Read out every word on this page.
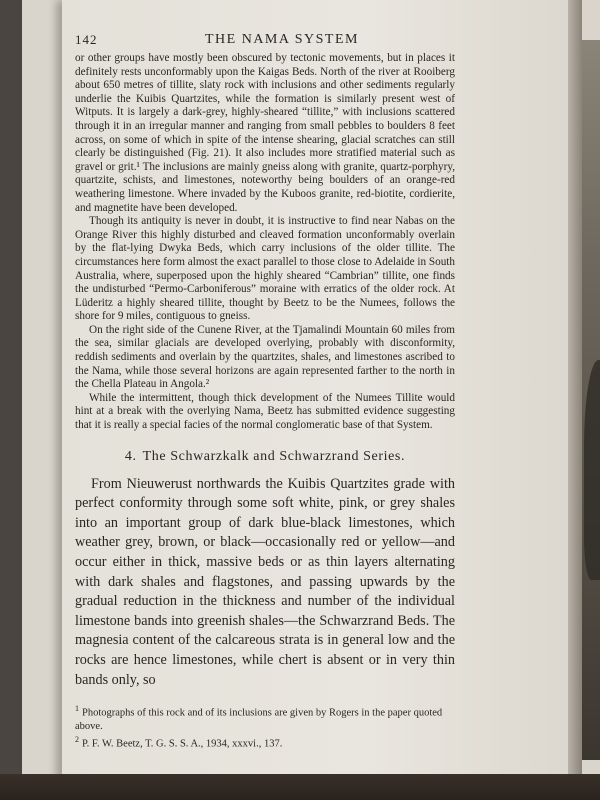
142	THE NAMA SYSTEM

or other groups have mostly been obscured by tectonic movements, but in places it definitely rests unconformably upon the Kaigas Beds. North of the river at Rooiberg about 650 metres of tillite, slaty rock with inclusions and other sediments regularly underlie the Kuibis Quartzites, while the formation is similarly present west of Witputs. It is largely a dark-grey, highly-sheared “tillite,” with inclusions scattered through it in an irregular manner and ranging from small pebbles to boulders 8 feet across, on some of which in spite of the intense shearing, glacial scratches can still clearly be distinguished (Fig. 21). It also includes more stratified material such as gravel or grit.¹ The inclusions are mainly gneiss along with granite, quartz-porphyry, quartzite, schists, and limestones, noteworthy being boulders of an orange-red weathering limestone. Where invaded by the Kuboos granite, red-biotite, cordierite, and magnetite have been developed.

Though its antiquity is never in doubt, it is instructive to find near Nabas on the Orange River this highly disturbed and cleaved formation unconformably overlain by the flat-lying Dwyka Beds, which carry inclusions of the older tillite. The circumstances here form almost the exact parallel to those close to Adelaide in South Australia, where, superposed upon the highly sheared “Cambrian” tillite, one finds the undisturbed “Permo-Carboniferous” moraine with erratics of the older rock. At Lüderitz a highly sheared tillite, thought by Beetz to be the Numees, follows the shore for 9 miles, contiguous to gneiss.

On the right side of the Cunene River, at the Tjamalindi Mountain 60 miles from the sea, similar glacials are developed overlying, probably with disconformity, reddish sediments and overlain by the quartzites, shales, and limestones ascribed to the Nama, while those several horizons are again represented farther to the north in the Chella Plateau in Angola.²

While the intermittent, though thick development of the Numees Tillite would hint at a break with the overlying Nama, Beetz has submitted evidence suggesting that it is really a special facies of the normal conglomeratic base of that System.

4. The Schwarzkalk and Schwarzrand Series.

From Nieuwerust northwards the Kuibis Quartzites grade with perfect conformity through some soft white, pink, or grey shales into an important group of dark blue-black limestones, which weather grey, brown, or black—occasionally red or yellow—and occur either in thick, massive beds or as thin layers alternating with dark shales and flagstones, and passing upwards by the gradual reduction in the thickness and number of the individual limestone bands into greenish shales—the Schwarzrand Beds. The magnesia content of the calcareous strata is in general low and the rocks are hence limestones, while chert is absent or in very thin bands only, so

$^1$ Photographs of this rock and of its inclusions are given by Rogers in the paper quoted above.

$^2$ P. F. W. Beetz, T. G. S. S. A., 1934, xxxvi., 137.
